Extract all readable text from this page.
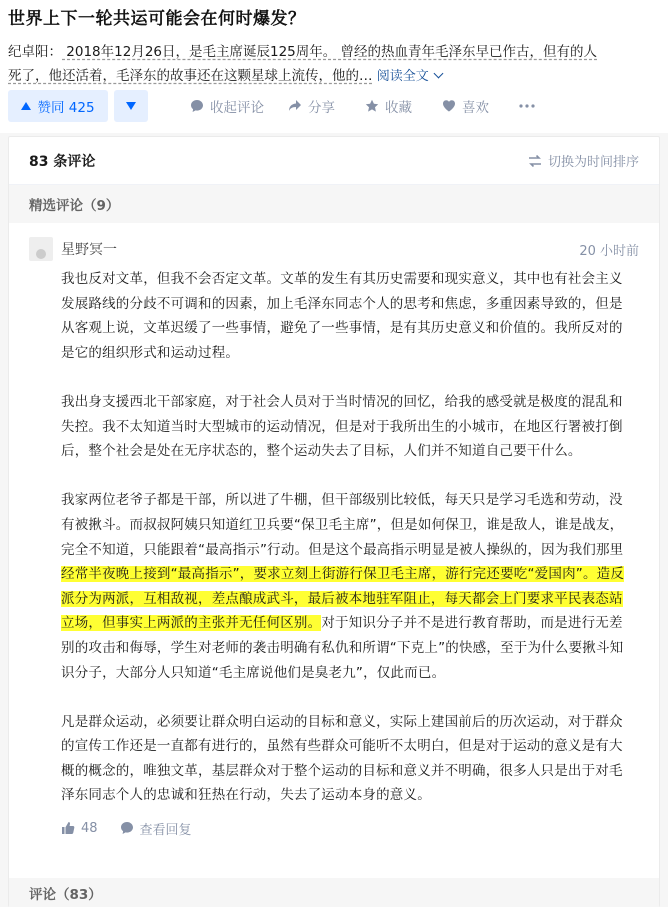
世界上下一轮共运可能会在何时爆发？
纪卓阳： 2018年12月26日，是毛主席诞辰125周年。 曾经的热血青年毛泽东早已作古，但有的人
死了，他还活着，毛泽东的故事还在这颗星球上流传，他的… 阅读全文
赞同 425	收起评论	分享	收藏	喜欢
83 条评论	切换为时间排序
精选评论（9）
星野冥一	20 小时前

我也反对文革，但我不会否定文革。文革的发生有其历史需要和现实意义，其中也有社会主义发展路线的分歧不可调和的因素，加上毛泽东同志个人的思考和焦虑，多重因素导致的，但是从客观上说，文革迟缓了一些事情，避免了一些事情，是有其历史意义和价值的。我所反对的是它的组织形式和运动过程。

我出身支援西北干部家庭，对于社会人员对于当时情况的回忆，给我的感受就是极度的混乱和失控。我不太知道当时大型城市的运动情况，但是对于我所出生的小城市，在地区行署被打倒后，整个社会是处在无序状态的，整个运动失去了目标，人们并不知道自己要干什么。

我家两位老爷子都是干部，所以进了牛棚，但干部级别比较低，每天只是学习毛选和劳动，没有被揪斗。而叔叔阿姨只知道红卫兵要“保卫毛主席”，但是如何保卫，谁是敌人，谁是战友，完全不知道，只能跟着“最高指示”行动。但是这个最高指示明显是被人操纵的，因为我们那里经常半夜晚上接到“最高指示”，要求立刻上街游行保卫毛主席，游行完还要吃“爱国肉”。造反派分为两派，互相敌视，差点酿成武斗，最后被本地驻军阻止，每天都会上门要求平民表态站立场，但事实上两派的主张并无任何区别。对于知识分子并不是进行教育帮助，而是进行无差别的攻击和侮辱，学生对老师的袭击明确有私仇和所谓“下克上”的快感，至于为什么要揪斗知识分子，大部分人只知道“毛主席说他们是臭老九”，仅此而已。

凡是群众运动，必须要让群众明白运动的目标和意义，实际上建国前后的历次运动，对于群众的宣传工作还是一直都有进行的，虽然有些群众可能听不太明白，但是对于运动的意义是有大概的概念的，唯独文革，基层群众对于整个运动的目标和意义并不明确，很多人只是出于对毛泽东同志个人的忠诚和狂热在行动，失去了运动本身的意义。

48	查看回复
评论（83）
